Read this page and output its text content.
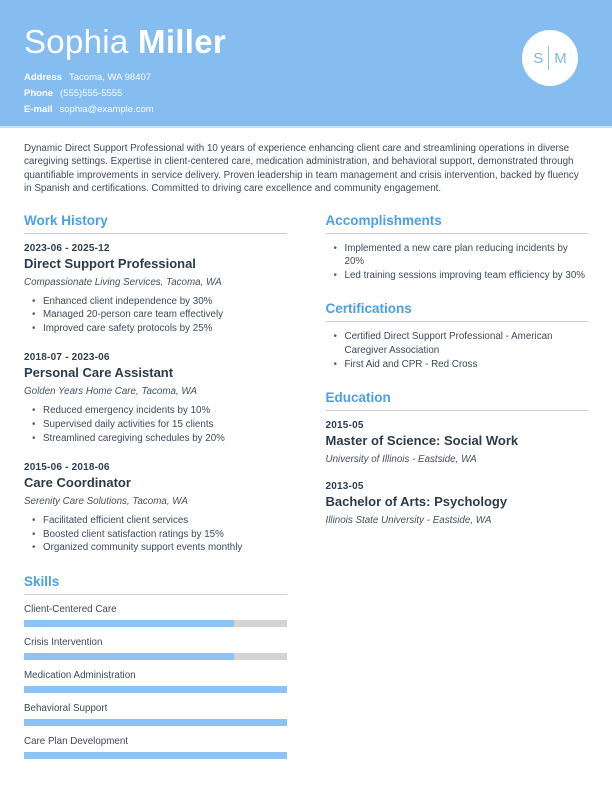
Sophia Miller
Address Tacoma, WA 98407
Phone (555)555-5555
E-mail sophia@example.com
S M
Dynamic Direct Support Professional with 10 years of experience enhancing client care and streamlining operations in diverse caregiving settings. Expertise in client-centered care, medication administration, and behavioral support, demonstrated through quantifiable improvements in service delivery. Proven leadership in team management and crisis intervention, backed by fluency in Spanish and certifications. Committed to driving care excellence and community engagement.
Work History
2023-06 - 2025-12
Direct Support Professional
Compassionate Living Services, Tacoma, WA
• Enhanced client independence by 30%
• Managed 20-person care team effectively
• Improved care safety protocols by 25%
2018-07 - 2023-06
Personal Care Assistant
Golden Years Home Care, Tacoma, WA
• Reduced emergency incidents by 10%
• Supervised daily activities for 15 clients
• Streamlined caregiving schedules by 20%
2015-06 - 2018-06
Care Coordinator
Serenity Care Solutions, Tacoma, WA
• Facilitated efficient client services
• Boosted client satisfaction ratings by 15%
• Organized community support events monthly
Skills
Client-Centered Care
Crisis Intervention
Medication Administration
Behavioral Support
Care Plan Development
Accomplishments
• Implemented a new care plan reducing incidents by 20%
• Led training sessions improving team efficiency by 30%
Certifications
• Certified Direct Support Professional - American Caregiver Association
• First Aid and CPR - Red Cross
Education
2015-05
Master of Science: Social Work
University of Illinois - Eastside, WA
2013-05
Bachelor of Arts: Psychology
Illinois State University - Eastside, WA
